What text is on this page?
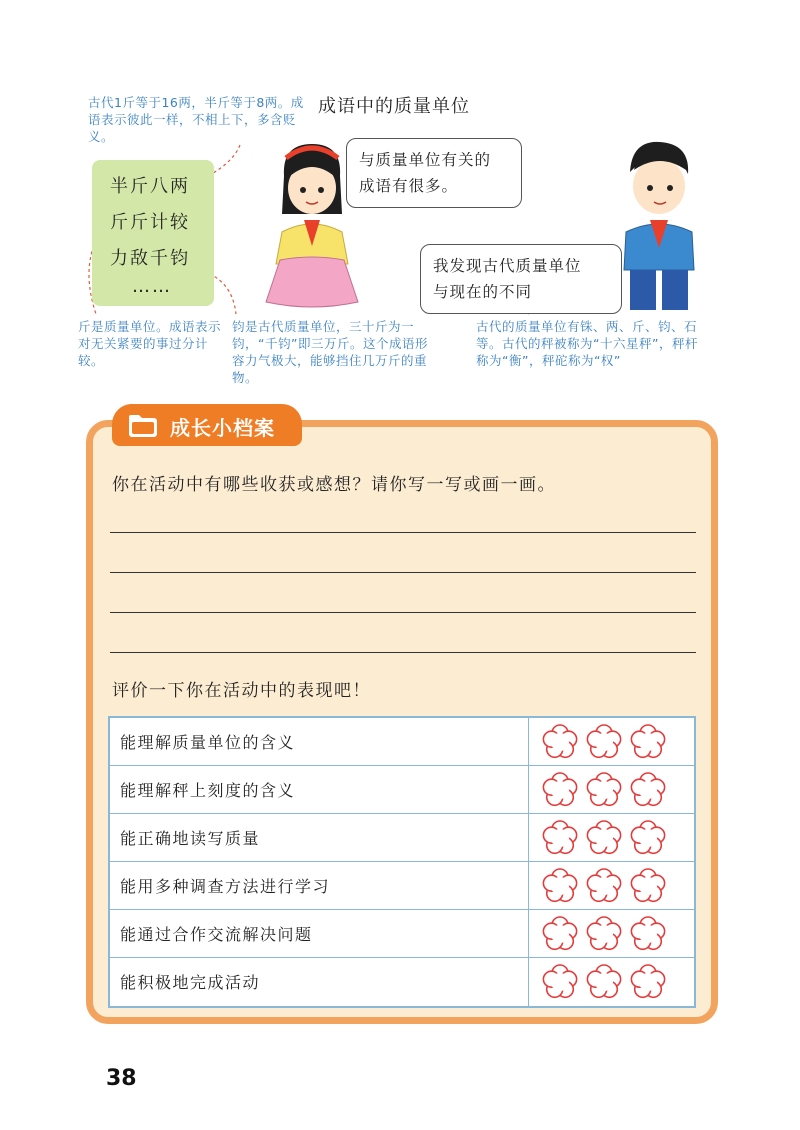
古代1斤等于16两，半斤等于8两。成语表示彼此一样，不相上下，多含贬义。
成语中的质量单位
半斤八两
斤斤计较
力敌千钧
……
与质量单位有关的
成语有很多。
我发现古代质量单位
与现在的不同
斤是质量单位。成语表示对无关紧要的事过分计较。
钧是古代质量单位，三十斤为一钧，“千钧”即三万斤。这个成语形容力气极大，能够挡住几万斤的重物。
古代的质量单位有铢、两、斤、钧、石等。古代的秤被称为“十六星秤”，秤杆称为“衡”，秤砣称为“权”
成长小档案
你在活动中有哪些收获或感想？请你写一写或画一画。
评价一下你在活动中的表现吧！
能理解质量单位的含义
能理解秤上刻度的含义
能正确地读写质量
能用多种调查方法进行学习
能通过合作交流解决问题
能积极地完成活动
38
